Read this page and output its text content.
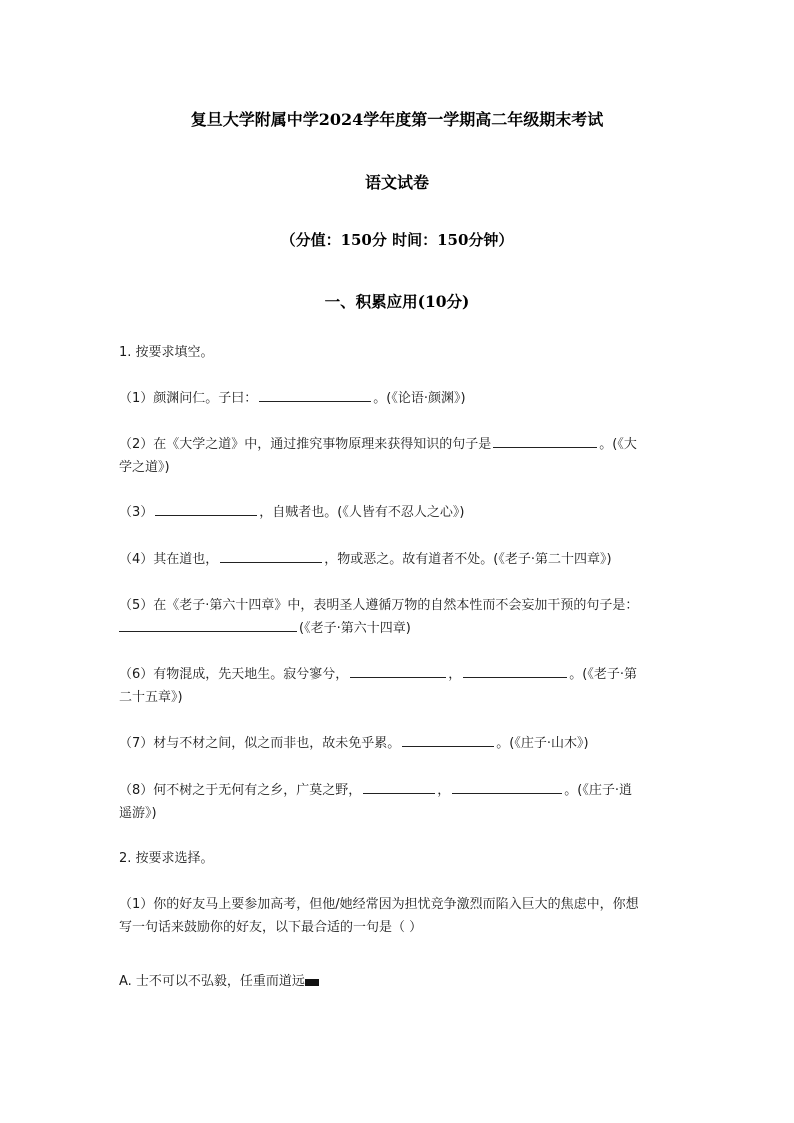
复旦大学附属中学2024学年度第一学期高二年级期末考试
语文试卷
（分值：150分 时间：150分钟）
一、积累应用(10分)
1. 按要求填空。
（1）颜渊问仁。子曰：	。(《论语·颜渊》)
（2）在《大学之道》中，通过推究事物原理来获得知识的句子是	。(《大
学之道》)
（3）	，自贼者也。(《人皆有不忍人之心》)
（4）其在道也，	，物或恶之。故有道者不处。(《老子·第二十四章》)
（5）在《老子·第六十四章》中，表明圣人遵循万物的自然本性而不会妄加干预的句子是：
(《老子·第六十四章)
（6）有物混成，先天地生。寂兮寥兮，	，	。(《老子·第
二十五章》)
（7）材与不材之间，似之而非也，故未免乎累。	。(《庄子·山木》)
（8）何不树之于无何有之乡，广莫之野，	，	。(《庄子·逍
遥游》)
2. 按要求选择。
（1）你的好友马上要参加高考，但他/她经常因为担忧竞争激烈而陷入巨大的焦虑中，你想
写一句话来鼓励你的好友，以下最合适的一句是（ ）
A. 士不可以不弘毅，任重而道远
